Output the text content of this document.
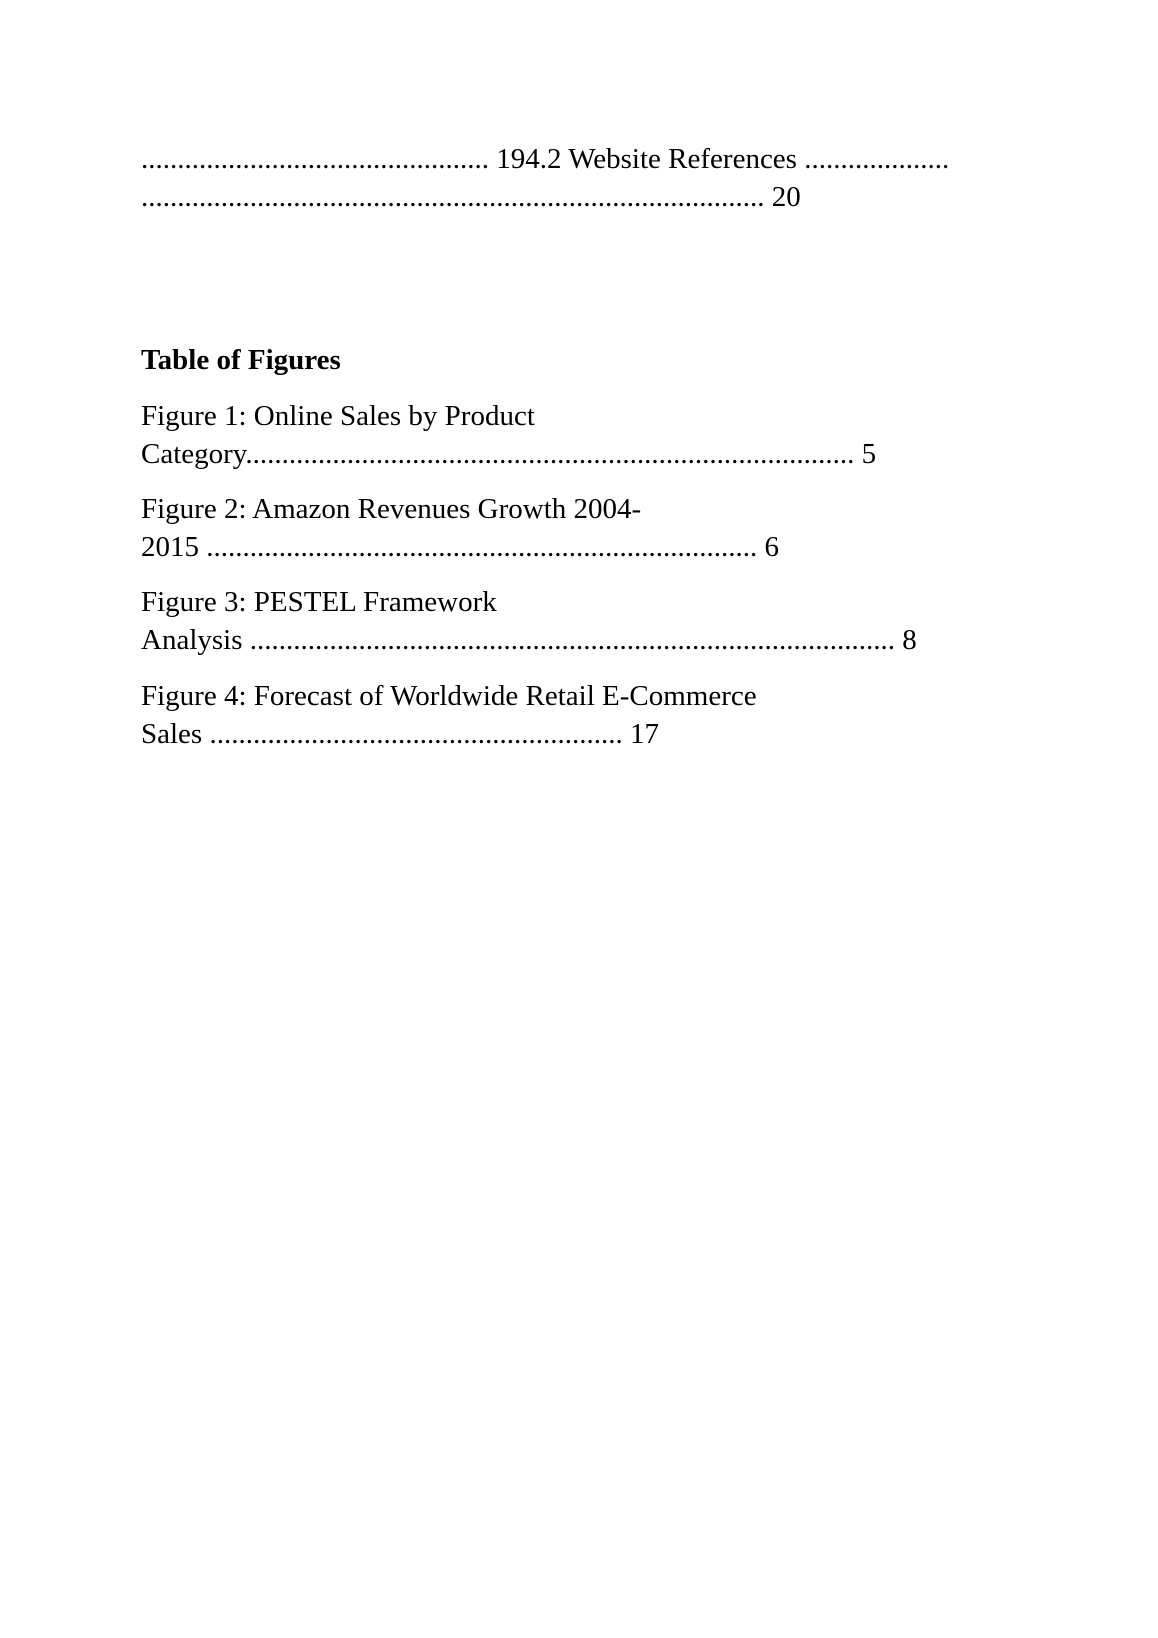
................................................ 194.2 Website References ....................
...................................................................................... 20
Table of Figures
Figure 1: Online Sales by Product
Category.................................................................................... 5
Figure 2: Amazon Revenues Growth 2004-
2015 ............................................................................ 6
Figure 3: PESTEL Framework
Analysis ......................................................................................... 8
Figure 4: Forecast of Worldwide Retail E-Commerce
Sales ......................................................... 17
